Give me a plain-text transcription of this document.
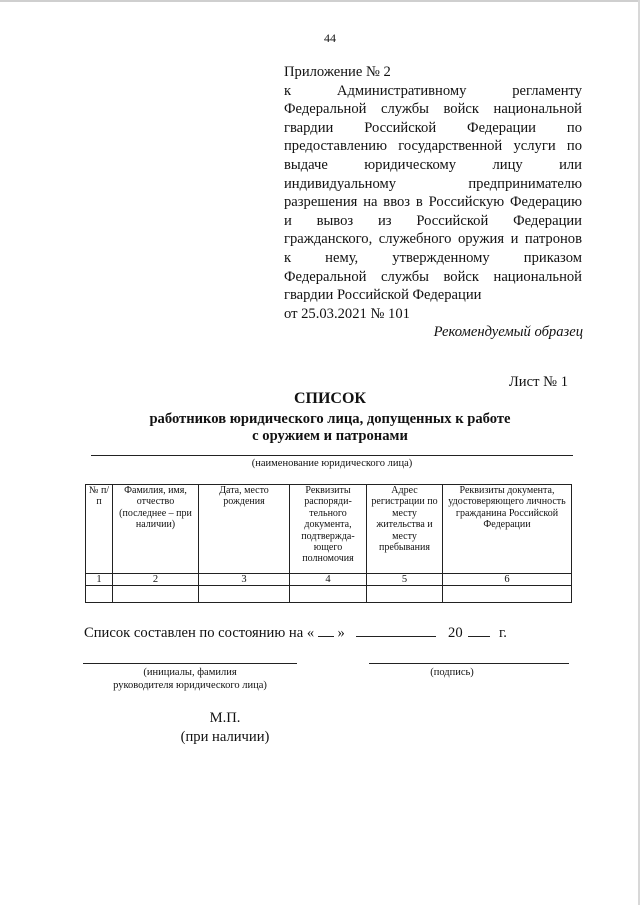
44
Приложение № 2
к Административному регламенту
Федеральной службы войск национальной
гвардии Российской Федерации по
предоставлению государственной услуги по
выдаче юридическому лицу или
индивидуальному предпринимателю
разрешения на ввоз в Российскую Федерацию
и вывоз из Российской Федерации
гражданского, служебного оружия и патронов
к нему, утвержденному приказом
Федеральной службы войск национальной
гвардии Российской Федерации
от 25.03.2021 № 101
Рекомендуемый образец
Лист № 1
СПИСОК
работников юридического лица, допущенных к работе
с оружием и патронами
(наименование юридического лица)
№ п/п	Фамилия, имя, отчество (последнее – при наличии)	Дата, место рождения	Реквизиты распоряди-тельного документа, подтвержда-ющего полномочия	Адрес регистрации по месту жительства и месту пребывания	Реквизиты документа, удостоверяющего личность гражданина Российской Федерации
1	2	3	4	5	6

Список составлен по состоянию на « »	20 г.
(инициалы, фамилия
руководителя юридического лица)
(подпись)
М.П.
(при наличии)
